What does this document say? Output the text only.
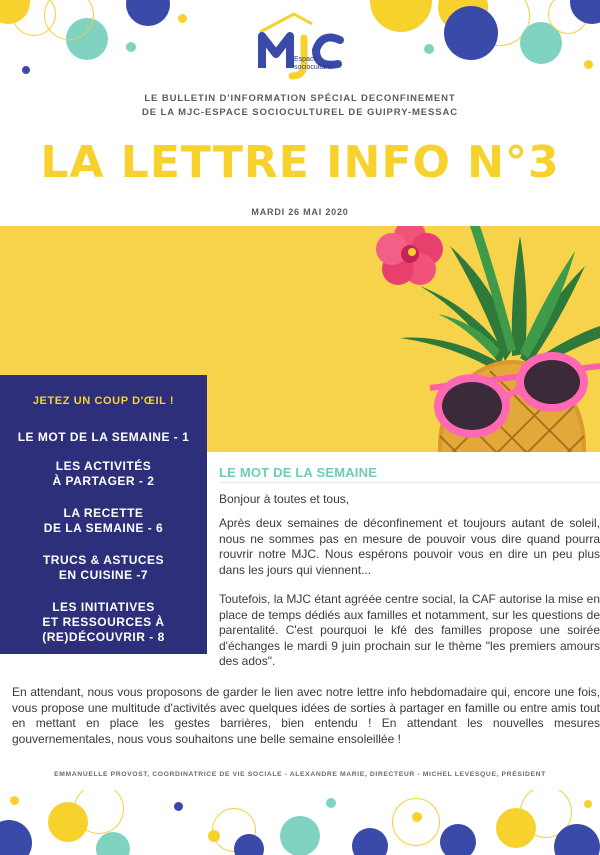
Espace
socioculturel
LE BULLETIN D'INFORMATION SPÉCIAL DECONFINEMENT
DE LA MJC-ESPACE SOCIOCULTUREL DE GUIPRY-MESSAC
LA LETTRE INFO N°3
MARDI 26 MAI 2020
JETEZ UN COUP D'ŒIL !
LE MOT DE LA SEMAINE - 1
LES ACTIVITÉS
À PARTAGER - 2
LA RECETTE
DE LA SEMAINE - 6
TRUCS & ASTUCES
EN CUISINE -7
LES INITIATIVES
ET RESSOURCES À
(RE)DÉCOUVRIR - 8
LE MOT DE LA SEMAINE
Bonjour à toutes et tous,
Après deux semaines de déconfinement et toujours autant de soleil, nous ne sommes pas en mesure de pouvoir vous dire quand pourra rouvrir notre MJC. Nous espérons pouvoir vous en dire un peu plus dans les jours qui viennent...
Toutefois, la MJC étant agréée centre social, la CAF autorise la mise en place de temps dédiés aux familles et notamment, sur les questions de parentalité. C'est pourquoi le kfé des familles propose une soirée d'échanges le mardi 9 juin prochain sur le thème "les premiers amours des ados".
En attendant, nous vous proposons de garder le lien avec notre lettre info hebdomadaire qui, encore une fois, vous propose une multitude d'activités avec quelques idées de sorties à partager en famille ou entre amis tout en mettant en place les gestes barrières, bien entendu ! En attendant les nouvelles mesures gouvernementales, nous vous souhaitons une belle semaine ensoleillée !
EMMANUELLE PROVOST, COORDINATRICE DE VIE SOCIALE - ALEXANDRE MARIE, DIRECTEUR - MICHEL LEVESQUE, PRÉSIDENT
